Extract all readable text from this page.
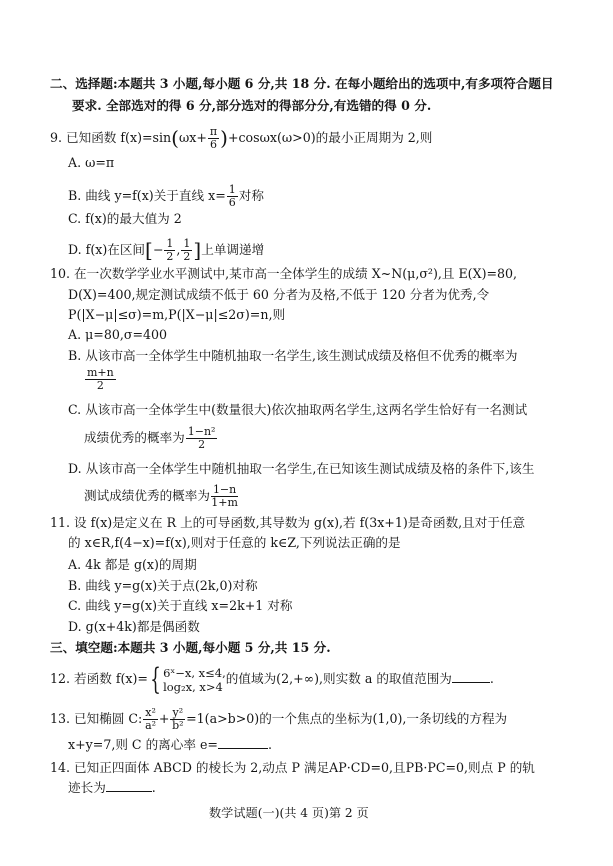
二、选择题:本题共 3 小题,每小题 6 分,共 18 分. 在每小题给出的选项中,有多项符合题目
要求. 全部选对的得 6 分,部分选对的得部分分,有选错的得 0 分.
9. 已知函数 $f(x)=\sin(\omega x+ \frac{\pi}{6} )+\cos\omega x(\omega>0)$的最小正周期为 2,则
A. ω=π
B. 曲线 y=f(x)关于直线 $x= \frac{1}{6}$ 对称
C. f(x)的最大值为 2
D. f(x)在区间[− $\frac{1}{2}$ , $\frac{1}{2}$ ]上单调递增
10. 在一次数学学业水平测试中,某市高一全体学生的成绩 X~N(μ,σ²),且 E(X)=80,
D(X)=400,规定测试成绩不低于 60 分者为及格,不低于 120 分者为优秀,令
P(|X−μ|≤σ)=m,P(|X−μ|≤2σ)=n,则
A. μ=80,σ=400
B. 从该市高一全体学生中随机抽取一名学生,该生测试成绩及格但不优秀的概率为
$\frac{m+n}{2}$
C. 从该市高一全体学生中(数量很大)依次抽取两名学生,这两名学生恰好有一名测试
成绩优秀的概率为 $\frac{\text{1−n²}}{2}$
D. 从该市高一全体学生中随机抽取一名学生,在已知该生测试成绩及格的条件下,该生
测试成绩优秀的概率为 $\frac{1-n}{1+m}$
11. 设 f(x)是定义在 R 上的可导函数,其导数为 g(x),若 f(3x+1)是奇函数,且对于任意
的 x∈R,f(4−x)=f(x),则对于任意的 k∈Z,下列说法正确的是
A. 4k 都是 g(x)的周期
B. 曲线 y=g(x)关于点(2k,0)对称
C. 曲线 y=g(x)关于直线 x=2k+1 对称
D. g(x+4k)都是偶函数
三、填空题:本题共 3 小题,每小题 5 分,共 15 分.
12. 若函数 f(x)={ 6ˣ−x, x≤4,
log₂x, x>4
的值域为(2,+∞),则实数 a 的取值范围为	.
13. 已知椭圆 C: $\frac{\text{x²}}{\text{a²}} + \frac{\text{y²}}{\text{b²}} =1(a>b>0)$的一个焦点的坐标为(1,0),一条切线的方程为
x+y=7,则 C 的离心率 e=	.
14. 已知正四面体 ABCD 的棱长为 2,动点 P 满足AP·CD=0,且PB·PC=0,则点 P 的轨
迹长为	.
数学试题(一)(共 4 页)第 2 页
